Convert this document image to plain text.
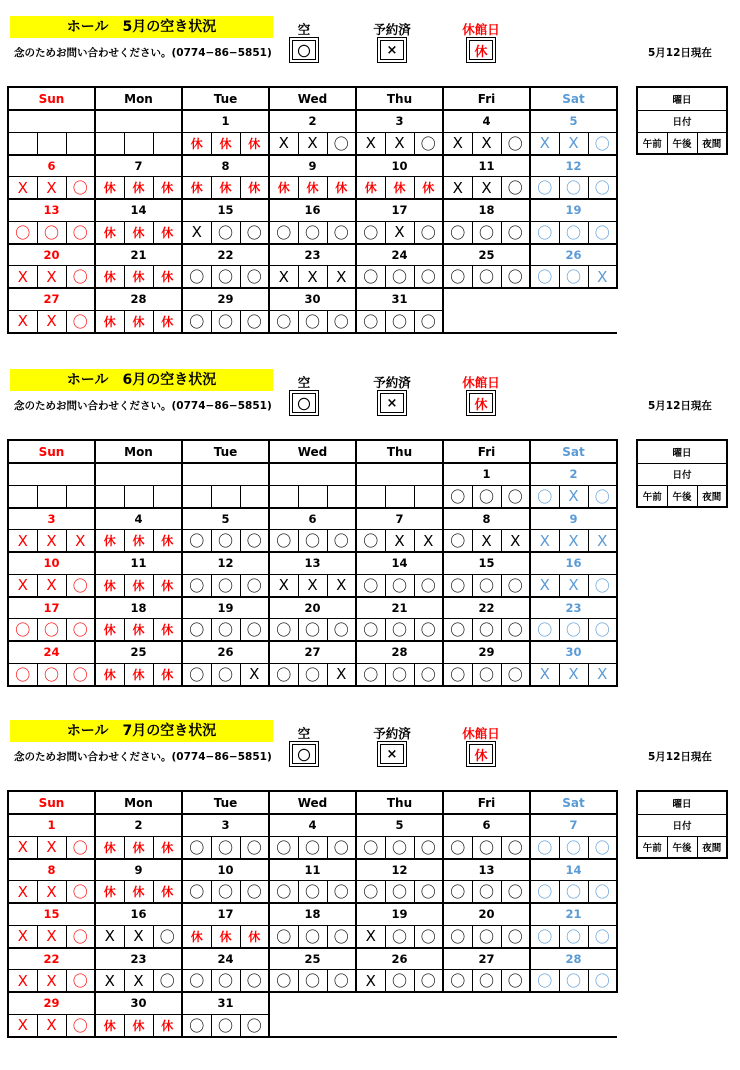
ホール　5月の空き状況
念のためお問い合わせください。(0774−86−5851)
空
〇
予約済
×
休館日
休	5月12日現在
Sun			Mon			Tue			Wed			Thu			Fri			Sat		
						1			2			3			4			5		
						休	休	休	X	X	〇	X	X	〇	X	X	〇	X	X	〇
6			7			8			9			10			11			12		
X	X	〇	休	休	休	休	休	休	休	休	休	休	休	休	X	X	〇	〇	〇	〇
13			14			15			16			17			18			19		
〇	〇	〇	休	休	休	X	〇	〇	〇	〇	〇	〇	X	〇	〇	〇	〇	〇	〇	〇
20			21			22			23			24			25			26		
X	X	〇	休	休	休	〇	〇	〇	X	X	X	〇	〇	〇	〇	〇	〇	〇	〇	X
27			28			29			30			31								
X	X	〇	休	休	休	〇	〇	〇	〇	〇	〇	〇	〇	〇						
曜日
日付
午前	午後	夜間
ホール　6月の空き状況
念のためお問い合わせください。(0774−86−5851)
空
〇
予約済
×
休館日
休	5月12日現在
Sun			Mon			Tue			Wed			Thu			Fri			Sat		
															1			2		
															〇	〇	〇	〇	X	〇
3			4			5			6			7			8			9		
X	X	X	休	休	休	〇	〇	〇	〇	〇	〇	〇	X	X	〇	X	X	X	X	X
10			11			12			13			14			15			16		
X	X	〇	休	休	休	〇	〇	〇	X	X	X	〇	〇	〇	〇	〇	〇	X	X	〇
17			18			19			20			21			22			23		
〇	〇	〇	休	休	休	〇	〇	〇	〇	〇	〇	〇	〇	〇	〇	〇	〇	〇	〇	〇
24			25			26			27			28			29			30		
〇	〇	〇	休	休	休	〇	〇	X	〇	〇	X	〇	〇	〇	〇	〇	〇	X	X	X
曜日
日付
午前	午後	夜間
ホール　7月の空き状況
念のためお問い合わせください。(0774−86−5851)
空
〇
予約済
×
休館日
休	5月12日現在
Sun			Mon			Tue			Wed			Thu			Fri			Sat		
1			2			3			4			5			6			7		
X	X	〇	休	休	休	〇	〇	〇	〇	〇	〇	〇	〇	〇	〇	〇	〇	〇	〇	〇
8			9			10			11			12			13			14		
X	X	〇	休	休	休	〇	〇	〇	〇	〇	〇	〇	〇	〇	〇	〇	〇	〇	〇	〇
15			16			17			18			19			20			21		
X	X	〇	X	X	〇	休	休	休	〇	〇	〇	X	〇	〇	〇	〇	〇	〇	〇	〇
22			23			24			25			26			27			28		
X	X	〇	X	X	〇	〇	〇	〇	〇	〇	〇	X	〇	〇	〇	〇	〇	〇	〇	〇
29			30			31														
X	X	〇	休	休	休	〇	〇	〇												
曜日
日付
午前	午後	夜間
